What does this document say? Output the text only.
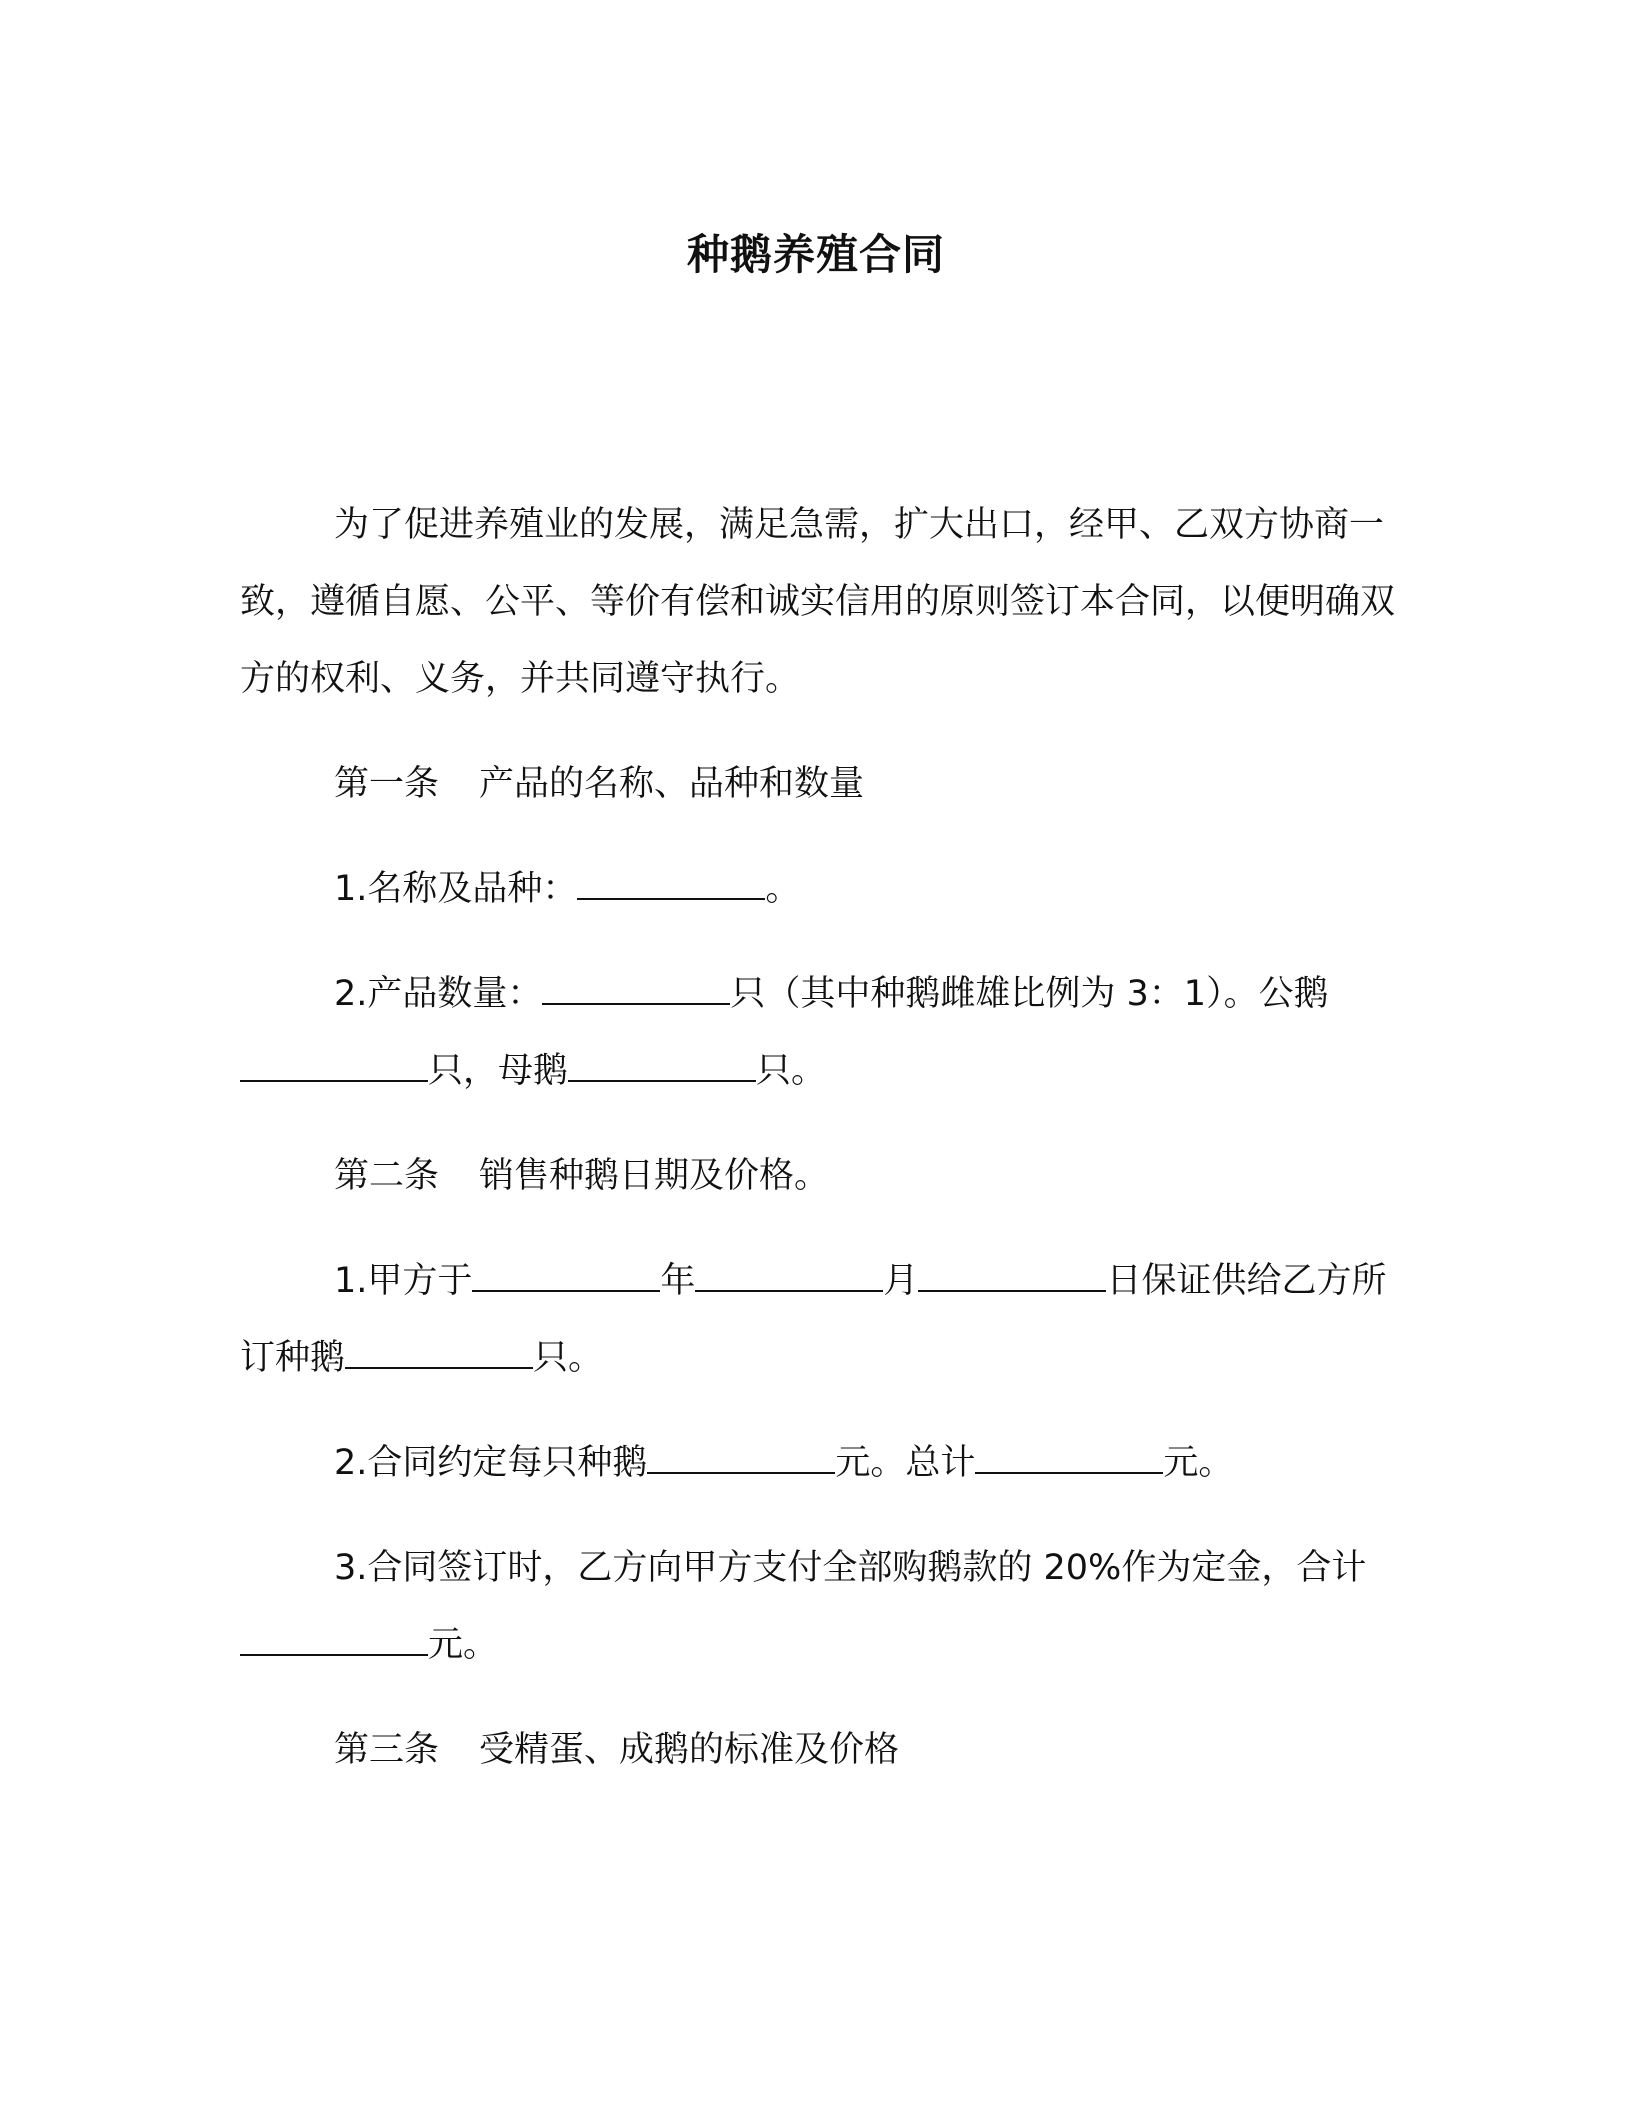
种鹅养殖合同

为了促进养殖业的发展，满足急需，扩大出口，经甲、乙双方协商一致，遵循自愿、公平、等价有偿和诚实信用的原则签订本合同，以便明确双方的权利、义务，并共同遵守执行。

第一条 产品的名称、品种和数量

1.名称及品种：	。

2.产品数量：	只（其中种鹅雌雄比例为 3：1）。公鹅只，母鹅	只。

第二条 销售种鹅日期及价格。

1.甲方于	年	月	日保证供给乙方所订种鹅	只。

2.合同约定每只种鹅	元。总计	元。

3.合同签订时，乙方向甲方支付全部购鹅款的 20%作为定金，合计元。

第三条 受精蛋、成鹅的标准及价格
